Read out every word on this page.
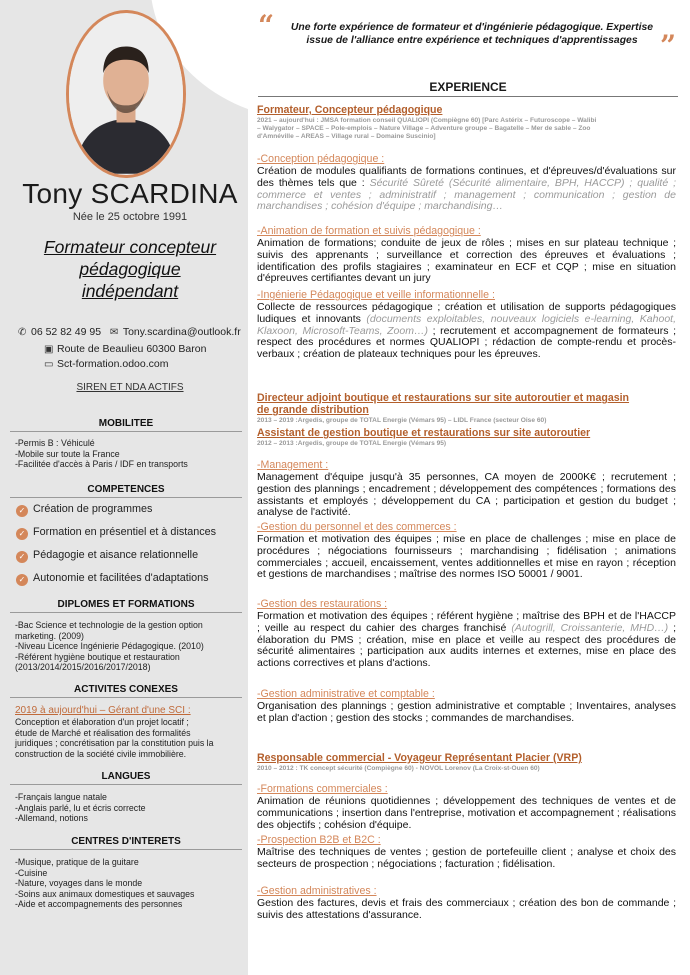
Tony SCARDINA
Née le 25 octobre 1991
Formateur concepteur
pédagogique
indépendant
✆ 06 52 82 49 95 ✉ Tony.scardina@outlook.fr
▣ Route de Beaulieu 60300 Baron
▭ Sct-formation.odoo.com
SIREN ET NDA ACTIFS
MOBILITEE
-Permis B : Véhiculé
-Mobile sur toute la France
-Facilitée d'accès à Paris / IDF en transports
COMPETENCES
✓ Création de programmes
✓ Formation en présentiel et à distances
✓ Pédagogie et aisance relationnelle
✓ Autonomie et facilitées d'adaptations
DIPLOMES ET FORMATIONS
-Bac Science et technologie de la gestion option
marketing. (2009)
-Niveau Licence Ingénierie Pédagogique. (2010)
-Référent hygiène boutique et restauration
(2013/2014/2015/2016/2017/2018)
ACTIVITES CONEXES
2019 à aujourd'hui – Gérant d'une SCI :
Conception et élaboration d'un projet locatif ;
étude de Marché et réalisation des formalités
juridiques ; concrétisation par la constitution puis la
construction de la société civile immobilière.
LANGUES
-Français langue natale
-Anglais parlé, lu et écris correcte
-Allemand, notions
CENTRES D'INTERETS
-Musique, pratique de la guitare
-Cuisine
-Nature, voyages dans le monde
-Soins aux animaux domestiques et sauvages
-Aide et accompagnements des personnes
“	Une forte expérience de formateur et d'ingénierie pédagogique. Expertise
issue de l'alliance entre expérience et techniques d'apprentissages ”
EXPERIENCE
Formateur, Concepteur pédagogique
2021 – aujourd'hui : JMSA formation conseil QUALIOPI (Compiègne 60) [Parc Astérix – Futuroscope – Walibi
– Walygator – SPACE – Pole-emplois – Nature Village – Adventure groupe – Bagatelle – Mer de sable – Zoo
d'Amnéville – AREAS – Village rural – Domaine Suscinio]
-Conception pédagogique :
Création de modules qualifiants de formations continues, et d'épreuves/d'évaluations sur des thèmes tels que : Sécurité Sûreté (Sécurité alimentaire, BPH, HACCP) ; qualité ; commerce et ventes ; administratif ; management ; communication ; gestion de marchandises ; cohésion d'équipe ; marchandising…
-Animation de formation et suivis pédagogique :
Animation de formations; conduite de jeux de rôles ; mises en sur plateau technique ; suivis des apprenants ; surveillance et correction des épreuves et évaluations ; identification des profils stagiaires ; examinateur en ECF et CQP ; mise en situation d'épreuves certifiantes devant un jury
-Ingénierie Pédagogique et veille informationnelle :
Collecte de ressources pédagogique ; création et utilisation de supports pédagogiques ludiques et innovants (documents exploitables, nouveaux logiciels e-learning, Kahoot, Klaxoon, Microsoft-Teams, Zoom…) ; recrutement et accompagnement de formateurs ; respect des procédures et normes QUALIOPI ; rédaction de compte-rendu et procès-verbaux ; création de plateaux techniques pour les épreuves.
Directeur adjoint boutique et restaurations sur site autoroutier et magasin
de grande distribution
2013 – 2019 :Argedis, groupe de TOTAL Energie (Vémars 95) – LIDL France (secteur Oise 60)
Assistant de gestion boutique et restaurations sur site autoroutier
2012 – 2013 :Argedis, groupe de TOTAL Energie (Vémars 95)
-Management :
Management d'équipe jusqu'à 35 personnes, CA moyen de 2000K€ ; recrutement ; gestion des plannings ; encadrement ; développement des compétences ; formations des assistants et employés ; développement du CA ; participation et gestion du budget ; analyse de l'activité.
-Gestion du personnel et des commerces :
Formation et motivation des équipes ; mise en place de challenges ; mise en place de procédures ; négociations fournisseurs ; marchandising ; fidélisation ; animations commerciales ; accueil, encaissement, ventes additionnelles et mise en rayon ; réception et gestions de marchandises ; maîtrise des normes ISO 50001 / 9001.
-Gestion des restaurations :
Formation et motivation des équipes ; référent hygiène ; maîtrise des BPH et de l'HACCP ; veille au respect du cahier des charges franchisé (Autogrill, Croissanterie, MHD…) ; élaboration du PMS ; création, mise en place et veille au respect des procédures de sécurité alimentaires ; participation aux audits internes et externes, mise en place des actions correctives et plans d'actions.
-Gestion administrative et comptable :
Organisation des plannings ; gestion administrative et comptable ; Inventaires, analyses et plan d'action ; gestion des stocks ; commandes de marchandises.
Responsable commercial - Voyageur Représentant Placier (VRP)
2010 – 2012 : TK concept sécurité (Compiègne 60) - NOVOL Lorenov (La Croix-st-Ouen 60)
-Formations commerciales :
Animation de réunions quotidiennes ; développement des techniques de ventes et de communications ; insertion dans l'entreprise, motivation et accompagnement ; réalisations des objectifs ; cohésion d'équipe.
-Prospection B2B et B2C :
Maîtrise des techniques de ventes ; gestion de portefeuille client ; analyse et choix des secteurs de prospection ; négociations ; facturation ; fidélisation.
-Gestion administratives :
Gestion des factures, devis et frais des commerciaux ; création des bon de commande ; suivis des attestations d'assurance.
